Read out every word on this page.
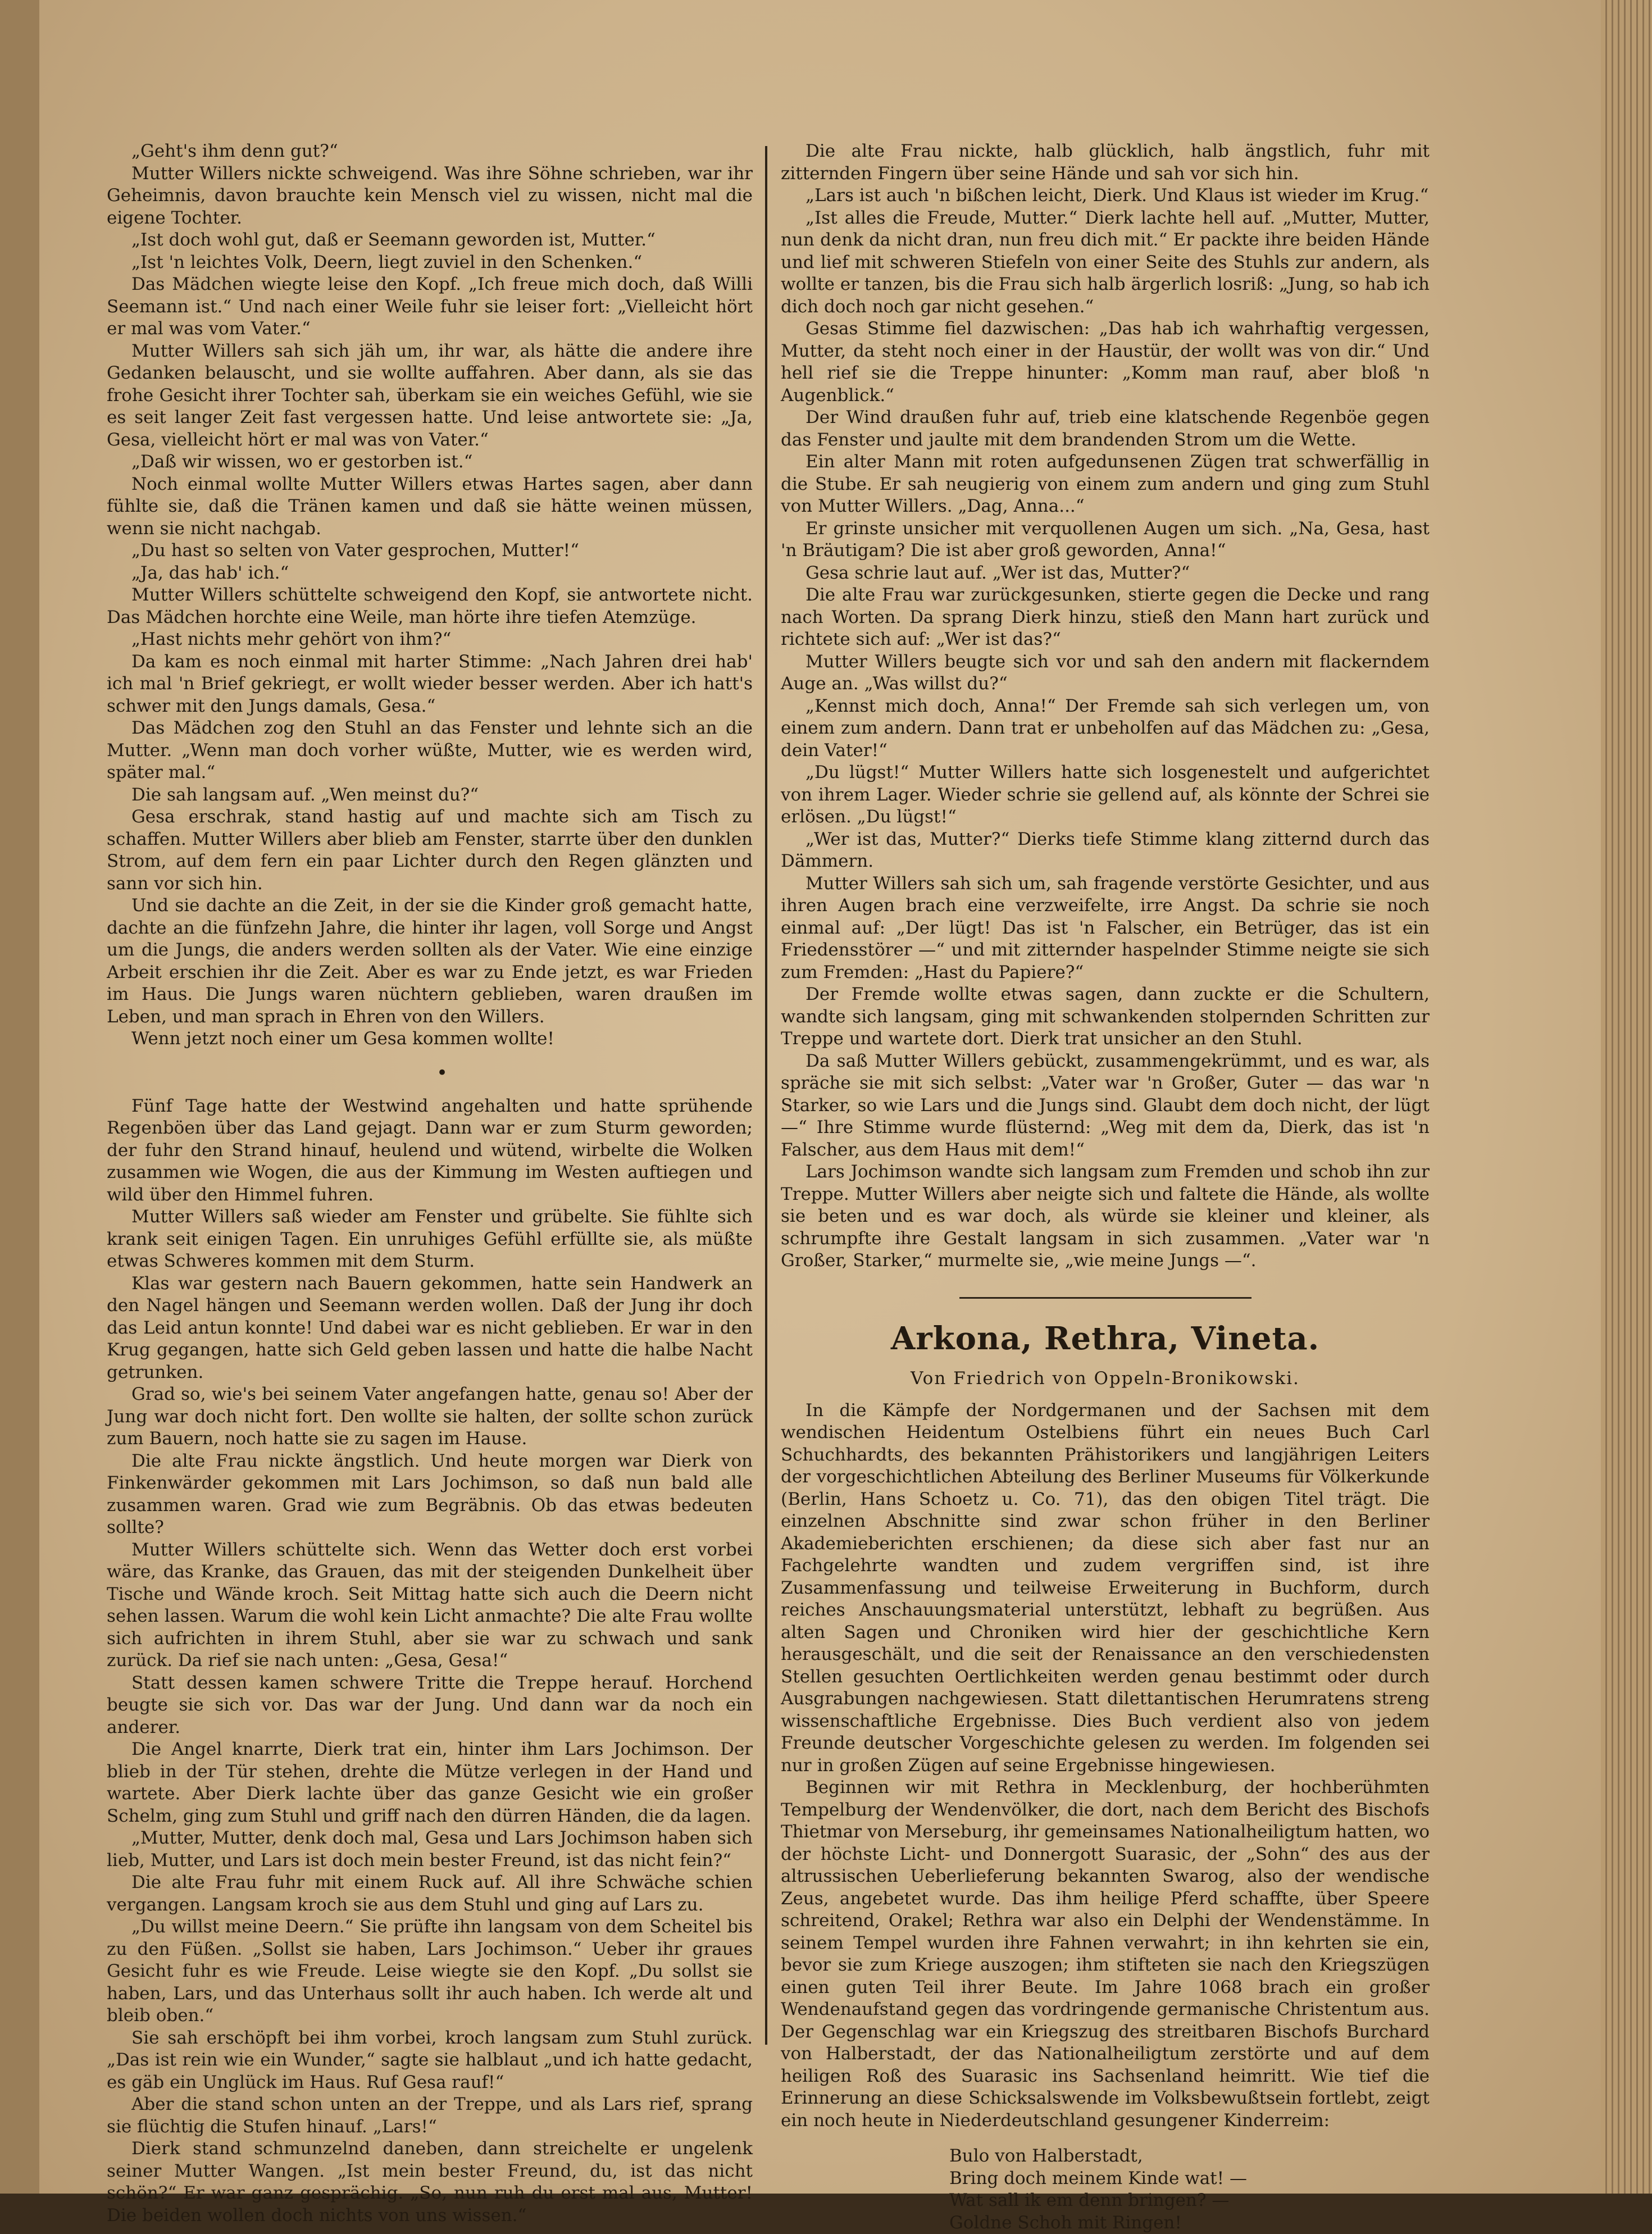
„Geht's ihm denn gut?“

Mutter Willers nickte schweigend. Was ihre Söhne schrieben, war ihr Geheimnis, davon brauchte kein Mensch viel zu wissen, nicht mal die eigene Tochter.

„Ist doch wohl gut, daß er Seemann geworden ist, Mutter.“

„Ist 'n leichtes Volk, Deern, liegt zuviel in den Schenken.“

Das Mädchen wiegte leise den Kopf. „Ich freue mich doch, daß Willi Seemann ist.“ Und nach einer Weile fuhr sie leiser fort: „Vielleicht hört er mal was vom Vater.“

Mutter Willers sah sich jäh um, ihr war, als hätte die andere ihre Gedanken belauscht, und sie wollte auffahren. Aber dann, als sie das frohe Gesicht ihrer Tochter sah, überkam sie ein weiches Gefühl, wie sie es seit langer Zeit fast vergessen hatte. Und leise antwortete sie: „Ja, Gesa, vielleicht hört er mal was von Vater.“

„Daß wir wissen, wo er gestorben ist.“

Noch einmal wollte Mutter Willers etwas Hartes sagen, aber dann fühlte sie, daß die Tränen kamen und daß sie hätte weinen müssen, wenn sie nicht nachgab.

„Du hast so selten von Vater gesprochen, Mutter!“

„Ja, das hab' ich.“

Mutter Willers schüttelte schweigend den Kopf, sie antwortete nicht. Das Mädchen horchte eine Weile, man hörte ihre tiefen Atemzüge.

„Hast nichts mehr gehört von ihm?“

Da kam es noch einmal mit harter Stimme: „Nach Jahren drei hab' ich mal 'n Brief gekriegt, er wollt wieder besser werden. Aber ich hatt's schwer mit den Jungs damals, Gesa.“

Das Mädchen zog den Stuhl an das Fenster und lehnte sich an die Mutter. „Wenn man doch vorher wüßte, Mutter, wie es werden wird, später mal.“

Die sah langsam auf. „Wen meinst du?“

Gesa erschrak, stand hastig auf und machte sich am Tisch zu schaffen. Mutter Willers aber blieb am Fenster, starrte über den dunklen Strom, auf dem fern ein paar Lichter durch den Regen glänzten und sann vor sich hin.

Und sie dachte an die Zeit, in der sie die Kinder groß gemacht hatte, dachte an die fünfzehn Jahre, die hinter ihr lagen, voll Sorge und Angst um die Jungs, die anders werden sollten als der Vater. Wie eine einzige Arbeit erschien ihr die Zeit. Aber es war zu Ende jetzt, es war Frieden im Haus. Die Jungs waren nüchtern geblieben, waren draußen im Leben, und man sprach in Ehren von den Willers.

Wenn jetzt noch einer um Gesa kommen wollte!

•

Fünf Tage hatte der Westwind angehalten und hatte sprühende Regenböen über das Land gejagt. Dann war er zum Sturm geworden; der fuhr den Strand hinauf, heulend und wütend, wirbelte die Wolken zusammen wie Wogen, die aus der Kimmung im Westen auftiegen und wild über den Himmel fuhren.

Mutter Willers saß wieder am Fenster und grübelte. Sie fühlte sich krank seit einigen Tagen. Ein unruhiges Gefühl erfüllte sie, als müßte etwas Schweres kommen mit dem Sturm.

Klas war gestern nach Bauern gekommen, hatte sein Handwerk an den Nagel hängen und Seemann werden wollen. Daß der Jung ihr doch das Leid antun konnte! Und dabei war es nicht geblieben. Er war in den Krug gegangen, hatte sich Geld geben lassen und hatte die halbe Nacht getrunken.

Grad so, wie's bei seinem Vater angefangen hatte, genau so! Aber der Jung war doch nicht fort. Den wollte sie halten, der sollte schon zurück zum Bauern, noch hatte sie zu sagen im Hause.

Die alte Frau nickte ängstlich. Und heute morgen war Dierk von Finkenwärder gekommen mit Lars Jochimson, so daß nun bald alle zusammen waren. Grad wie zum Begräbnis. Ob das etwas bedeuten sollte?

Mutter Willers schüttelte sich. Wenn das Wetter doch erst vorbei wäre, das Kranke, das Grauen, das mit der steigenden Dunkelheit über Tische und Wände kroch. Seit Mittag hatte sich auch die Deern nicht sehen lassen. Warum die wohl kein Licht anmachte? Die alte Frau wollte sich aufrichten in ihrem Stuhl, aber sie war zu schwach und sank zurück. Da rief sie nach unten: „Gesa, Gesa!“

Statt dessen kamen schwere Tritte die Treppe herauf. Horchend beugte sie sich vor. Das war der Jung. Und dann war da noch ein anderer.

Die Angel knarrte, Dierk trat ein, hinter ihm Lars Jochimson. Der blieb in der Tür stehen, drehte die Mütze verlegen in der Hand und wartete. Aber Dierk lachte über das ganze Gesicht wie ein großer Schelm, ging zum Stuhl und griff nach den dürren Händen, die da lagen.

„Mutter, Mutter, denk doch mal, Gesa und Lars Jochimson haben sich lieb, Mutter, und Lars ist doch mein bester Freund, ist das nicht fein?“

Die alte Frau fuhr mit einem Ruck auf. All ihre Schwäche schien vergangen. Langsam kroch sie aus dem Stuhl und ging auf Lars zu.

„Du willst meine Deern.“ Sie prüfte ihn langsam von dem Scheitel bis zu den Füßen. „Sollst sie haben, Lars Jochimson.“ Ueber ihr graues Gesicht fuhr es wie Freude. Leise wiegte sie den Kopf. „Du sollst sie haben, Lars, und das Unterhaus sollt ihr auch haben. Ich werde alt und bleib oben.“

Sie sah erschöpft bei ihm vorbei, kroch langsam zum Stuhl zurück. „Das ist rein wie ein Wunder,“ sagte sie halblaut „und ich hatte gedacht, es gäb ein Unglück im Haus. Ruf Gesa rauf!“

Aber die stand schon unten an der Treppe, und als Lars rief, sprang sie flüchtig die Stufen hinauf. „Lars!“

Dierk stand schmunzelnd daneben, dann streichelte er ungelenk seiner Mutter Wangen. „Ist mein bester Freund, du, ist das nicht schön?“ Er war ganz gesprächig. „So, nun ruh du erst mal aus, Mutter! Die beiden wollen doch nichts von uns wissen.“

Die alte Frau nickte, halb glücklich, halb ängstlich, fuhr mit zitternden Fingern über seine Hände und sah vor sich hin.

„Lars ist auch 'n bißchen leicht, Dierk. Und Klaus ist wieder im Krug.“

„Ist alles die Freude, Mutter.“ Dierk lachte hell auf. „Mutter, Mutter, nun denk da nicht dran, nun freu dich mit.“ Er packte ihre beiden Hände und lief mit schweren Stiefeln von einer Seite des Stuhls zur andern, als wollte er tanzen, bis die Frau sich halb ärgerlich losriß: „Jung, so hab ich dich doch noch gar nicht gesehen.“

Gesas Stimme fiel dazwischen: „Das hab ich wahrhaftig vergessen, Mutter, da steht noch einer in der Haustür, der wollt was von dir.“ Und hell rief sie die Treppe hinunter: „Komm man rauf, aber bloß 'n Augenblick.“

Der Wind draußen fuhr auf, trieb eine klatschende Regenböe gegen das Fenster und jaulte mit dem brandenden Strom um die Wette.

Ein alter Mann mit roten aufgedunsenen Zügen trat schwerfällig in die Stube. Er sah neugierig von einem zum andern und ging zum Stuhl von Mutter Willers. „Dag, Anna...“

Er grinste unsicher mit verquollenen Augen um sich. „Na, Gesa, hast 'n Bräutigam? Die ist aber groß geworden, Anna!“

Gesa schrie laut auf. „Wer ist das, Mutter?“

Die alte Frau war zurückgesunken, stierte gegen die Decke und rang nach Worten. Da sprang Dierk hinzu, stieß den Mann hart zurück und richtete sich auf: „Wer ist das?“

Mutter Willers beugte sich vor und sah den andern mit flackerndem Auge an. „Was willst du?“

„Kennst mich doch, Anna!“ Der Fremde sah sich verlegen um, von einem zum andern. Dann trat er unbeholfen auf das Mädchen zu: „Gesa, dein Vater!“

„Du lügst!“ Mutter Willers hatte sich losgenestelt und aufgerichtet von ihrem Lager. Wieder schrie sie gellend auf, als könnte der Schrei sie erlösen. „Du lügst!“

„Wer ist das, Mutter?“ Dierks tiefe Stimme klang zitternd durch das Dämmern.

Mutter Willers sah sich um, sah fragende verstörte Gesichter, und aus ihren Augen brach eine verzweifelte, irre Angst. Da schrie sie noch einmal auf: „Der lügt! Das ist 'n Falscher, ein Betrüger, das ist ein Friedensstörer —“ und mit zitternder haspelnder Stimme neigte sie sich zum Fremden: „Hast du Papiere?“

Der Fremde wollte etwas sagen, dann zuckte er die Schultern, wandte sich langsam, ging mit schwankenden stolpernden Schritten zur Treppe und wartete dort. Dierk trat unsicher an den Stuhl.

Da saß Mutter Willers gebückt, zusammengekrümmt, und es war, als spräche sie mit sich selbst: „Vater war 'n Großer, Guter — das war 'n Starker, so wie Lars und die Jungs sind. Glaubt dem doch nicht, der lügt —“ Ihre Stimme wurde flüsternd: „Weg mit dem da, Dierk, das ist 'n Falscher, aus dem Haus mit dem!“

Lars Jochimson wandte sich langsam zum Fremden und schob ihn zur Treppe. Mutter Willers aber neigte sich und faltete die Hände, als wollte sie beten und es war doch, als würde sie kleiner und kleiner, als schrumpfte ihre Gestalt langsam in sich zusammen. „Vater war 'n Großer, Starker,“ murmelte sie, „wie meine Jungs —“.

Arkona, Rethra, Vineta.
Von Friedrich von Oppeln-Bronikowski.

In die Kämpfe der Nordgermanen und der Sachsen mit dem wendischen Heidentum Ostelbiens führt ein neues Buch Carl Schuchhardts, des bekannten Prähistorikers und langjährigen Leiters der vorgeschichtlichen Abteilung des Berliner Museums für Völkerkunde (Berlin, Hans Schoetz u. Co. 71), das den obigen Titel trägt. Die einzelnen Abschnitte sind zwar schon früher in den Berliner Akademieberichten erschienen; da diese sich aber fast nur an Fachgelehrte wandten und zudem vergriffen sind, ist ihre Zusammenfassung und teilweise Erweiterung in Buchform, durch reiches Anschauungsmaterial unterstützt, lebhaft zu begrüßen. Aus alten Sagen und Chroniken wird hier der geschichtliche Kern herausgeschält, und die seit der Renaissance an den verschiedensten Stellen gesuchten Oertlichkeiten werden genau bestimmt oder durch Ausgrabungen nachgewiesen. Statt dilettantischen Herumratens streng wissenschaftliche Ergebnisse. Dies Buch verdient also von jedem Freunde deutscher Vorgeschichte gelesen zu werden. Im folgenden sei nur in großen Zügen auf seine Ergebnisse hingewiesen.

Beginnen wir mit Rethra in Mecklenburg, der hochberühmten Tempelburg der Wendenvölker, die dort, nach dem Bericht des Bischofs Thietmar von Merseburg, ihr gemeinsames Nationalheiligtum hatten, wo der höchste Licht- und Donnergott Suarasic, der „Sohn“ des aus der altrussischen Ueberlieferung bekannten Swarog, also der wendische Zeus, angebetet wurde. Das ihm heilige Pferd schaffte, über Speere schreitend, Orakel; Rethra war also ein Delphi der Wendenstämme. In seinem Tempel wurden ihre Fahnen verwahrt; in ihn kehrten sie ein, bevor sie zum Kriege auszogen; ihm stifteten sie nach den Kriegszügen einen guten Teil ihrer Beute. Im Jahre 1068 brach ein großer Wendenaufstand gegen das vordringende germanische Christentum aus. Der Gegenschlag war ein Kriegszug des streitbaren Bischofs Burchard von Halberstadt, der das Nationalheiligtum zerstörte und auf dem heiligen Roß des Suarasic ins Sachsenland heimritt. Wie tief die Erinnerung an diese Schicksalswende im Volksbewußtsein fortlebt, zeigt ein noch heute in Niederdeutschland gesungener Kinderreim:

Bulo von Halberstadt,
Bring doch meinem Kinde wat! —
Wat sall ik em denn bringen? —
Goldne Schoh mit Ringen!
